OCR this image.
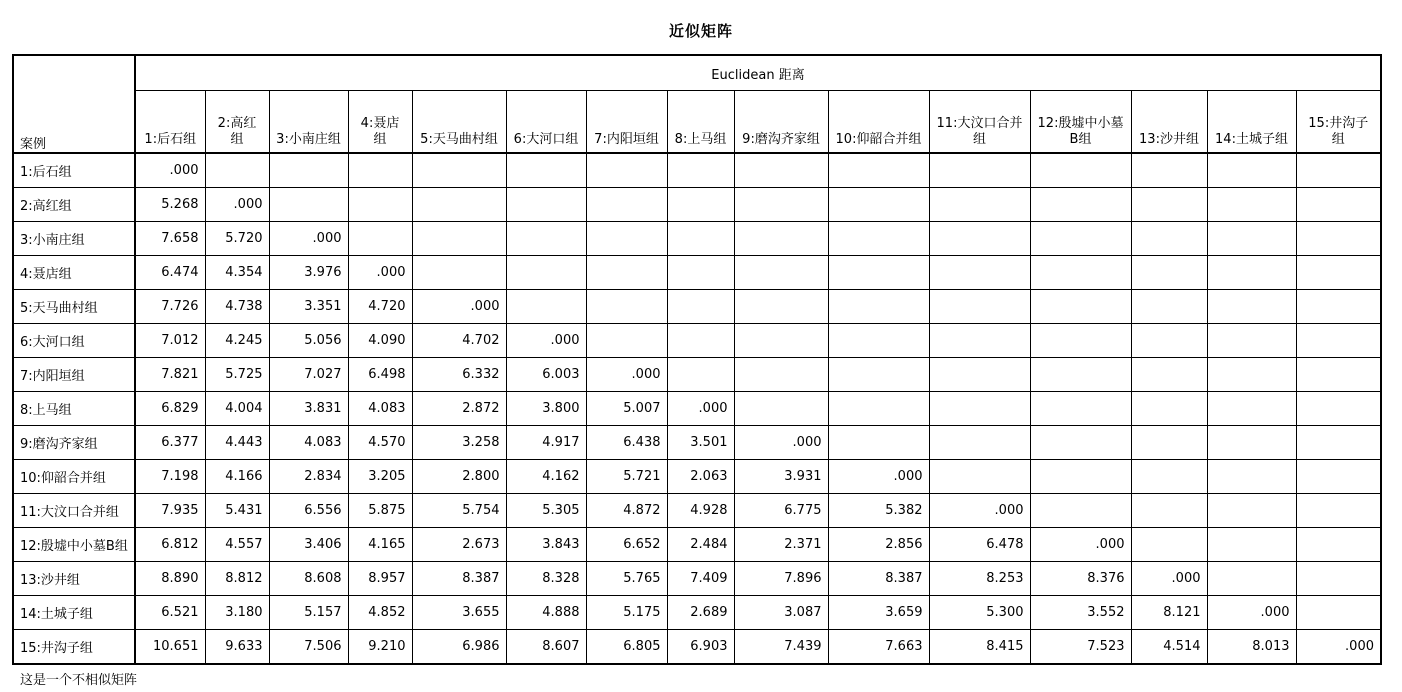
近似矩阵
案例	Euclidean 距离														
	1:后石组	2:高红组	3:小南庄组	4:聂店组	5:天马曲村组	6:大河口组	7:内阳垣组	8:上马组	9:磨沟齐家组	10:仰韶合并组	11:大汶口合并组	12:殷墟中小墓B组	13:沙井组	14:土城子组	15:井沟子组
1:后石组	.000														
2:高红组	5.268	.000													
3:小南庄组	7.658	5.720	.000												
4:聂店组	6.474	4.354	3.976	.000											
5:天马曲村组	7.726	4.738	3.351	4.720	.000										
6:大河口组	7.012	4.245	5.056	4.090	4.702	.000									
7:内阳垣组	7.821	5.725	7.027	6.498	6.332	6.003	.000								
8:上马组	6.829	4.004	3.831	4.083	2.872	3.800	5.007	.000							
9:磨沟齐家组	6.377	4.443	4.083	4.570	3.258	4.917	6.438	3.501	.000						
10:仰韶合并组	7.198	4.166	2.834	3.205	2.800	4.162	5.721	2.063	3.931	.000					
11:大汶口合并组	7.935	5.431	6.556	5.875	5.754	5.305	4.872	4.928	6.775	5.382	.000				
12:殷墟中小墓B组	6.812	4.557	3.406	4.165	2.673	3.843	6.652	2.484	2.371	2.856	6.478	.000			
13:沙井组	8.890	8.812	8.608	8.957	8.387	8.328	5.765	7.409	7.896	8.387	8.253	8.376	.000		
14:土城子组	6.521	3.180	5.157	4.852	3.655	4.888	5.175	2.689	3.087	3.659	5.300	3.552	8.121	.000	
15:井沟子组	10.651	9.633	7.506	9.210	6.986	8.607	6.805	6.903	7.439	7.663	8.415	7.523	4.514	8.013	.000
这是一个不相似矩阵
